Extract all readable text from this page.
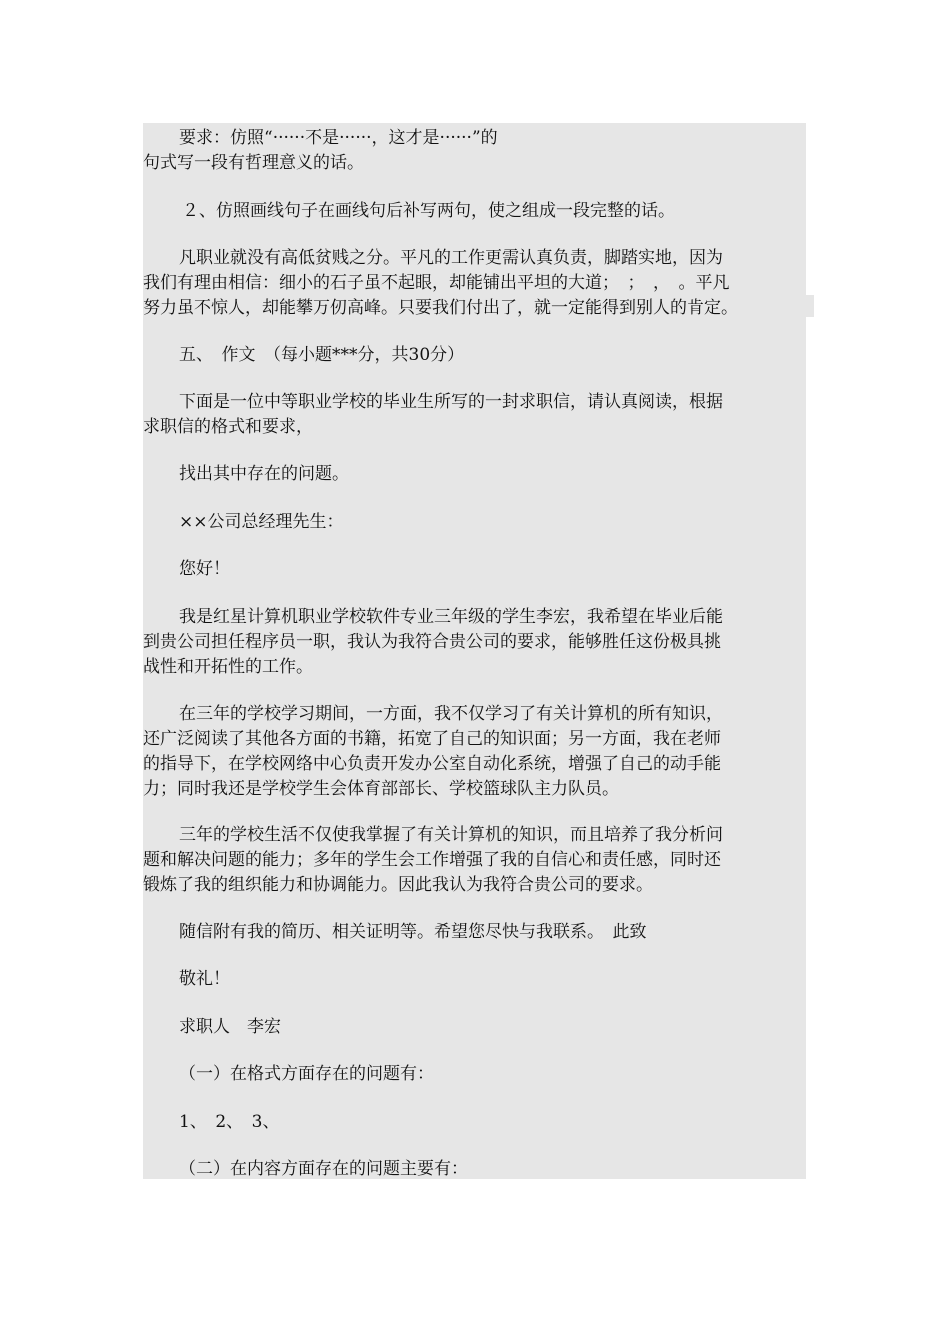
要求：仿照“······不是······，这才是······”的
句式写一段有哲理意义的话。
２、仿照画线句子在画线句后补写两句，使之组成一段完整的话。
凡职业就没有高低贫贱之分。平凡的工作更需认真负责，脚踏实地，因为
我们有理由相信：细小的石子虽不起眼，却能铺出平坦的大道；　；　，　。平凡
努力虽不惊人，却能攀万仞高峰。只要我们付出了，就一定能得到别人的肯定。
五、　作文　（每小题***分，共30分）
下面是一位中等职业学校的毕业生所写的一封求职信，请认真阅读，根据
求职信的格式和要求，
找出其中存在的问题。
××公司总经理先生：
您好！
我是红星计算机职业学校软件专业三年级的学生李宏，我希望在毕业后能
到贵公司担任程序员一职，我认为我符合贵公司的要求，能够胜任这份极具挑
战性和开拓性的工作。
在三年的学校学习期间，一方面，我不仅学习了有关计算机的所有知识，
还广泛阅读了其他各方面的书籍，拓宽了自己的知识面；另一方面，我在老师
的指导下，在学校网络中心负责开发办公室自动化系统，增强了自己的动手能
力；同时我还是学校学生会体育部部长、学校篮球队主力队员。
三年的学校生活不仅使我掌握了有关计算机的知识，而且培养了我分析问
题和解决问题的能力；多年的学生会工作增强了我的自信心和责任感，同时还
锻炼了我的组织能力和协调能力。因此我认为我符合贵公司的要求。
随信附有我的简历、相关证明等。希望您尽快与我联系。　此致
敬礼！
求职人　李宏
（一）在格式方面存在的问题有：
1、　2、　3、
（二）在内容方面存在的问题主要有：
